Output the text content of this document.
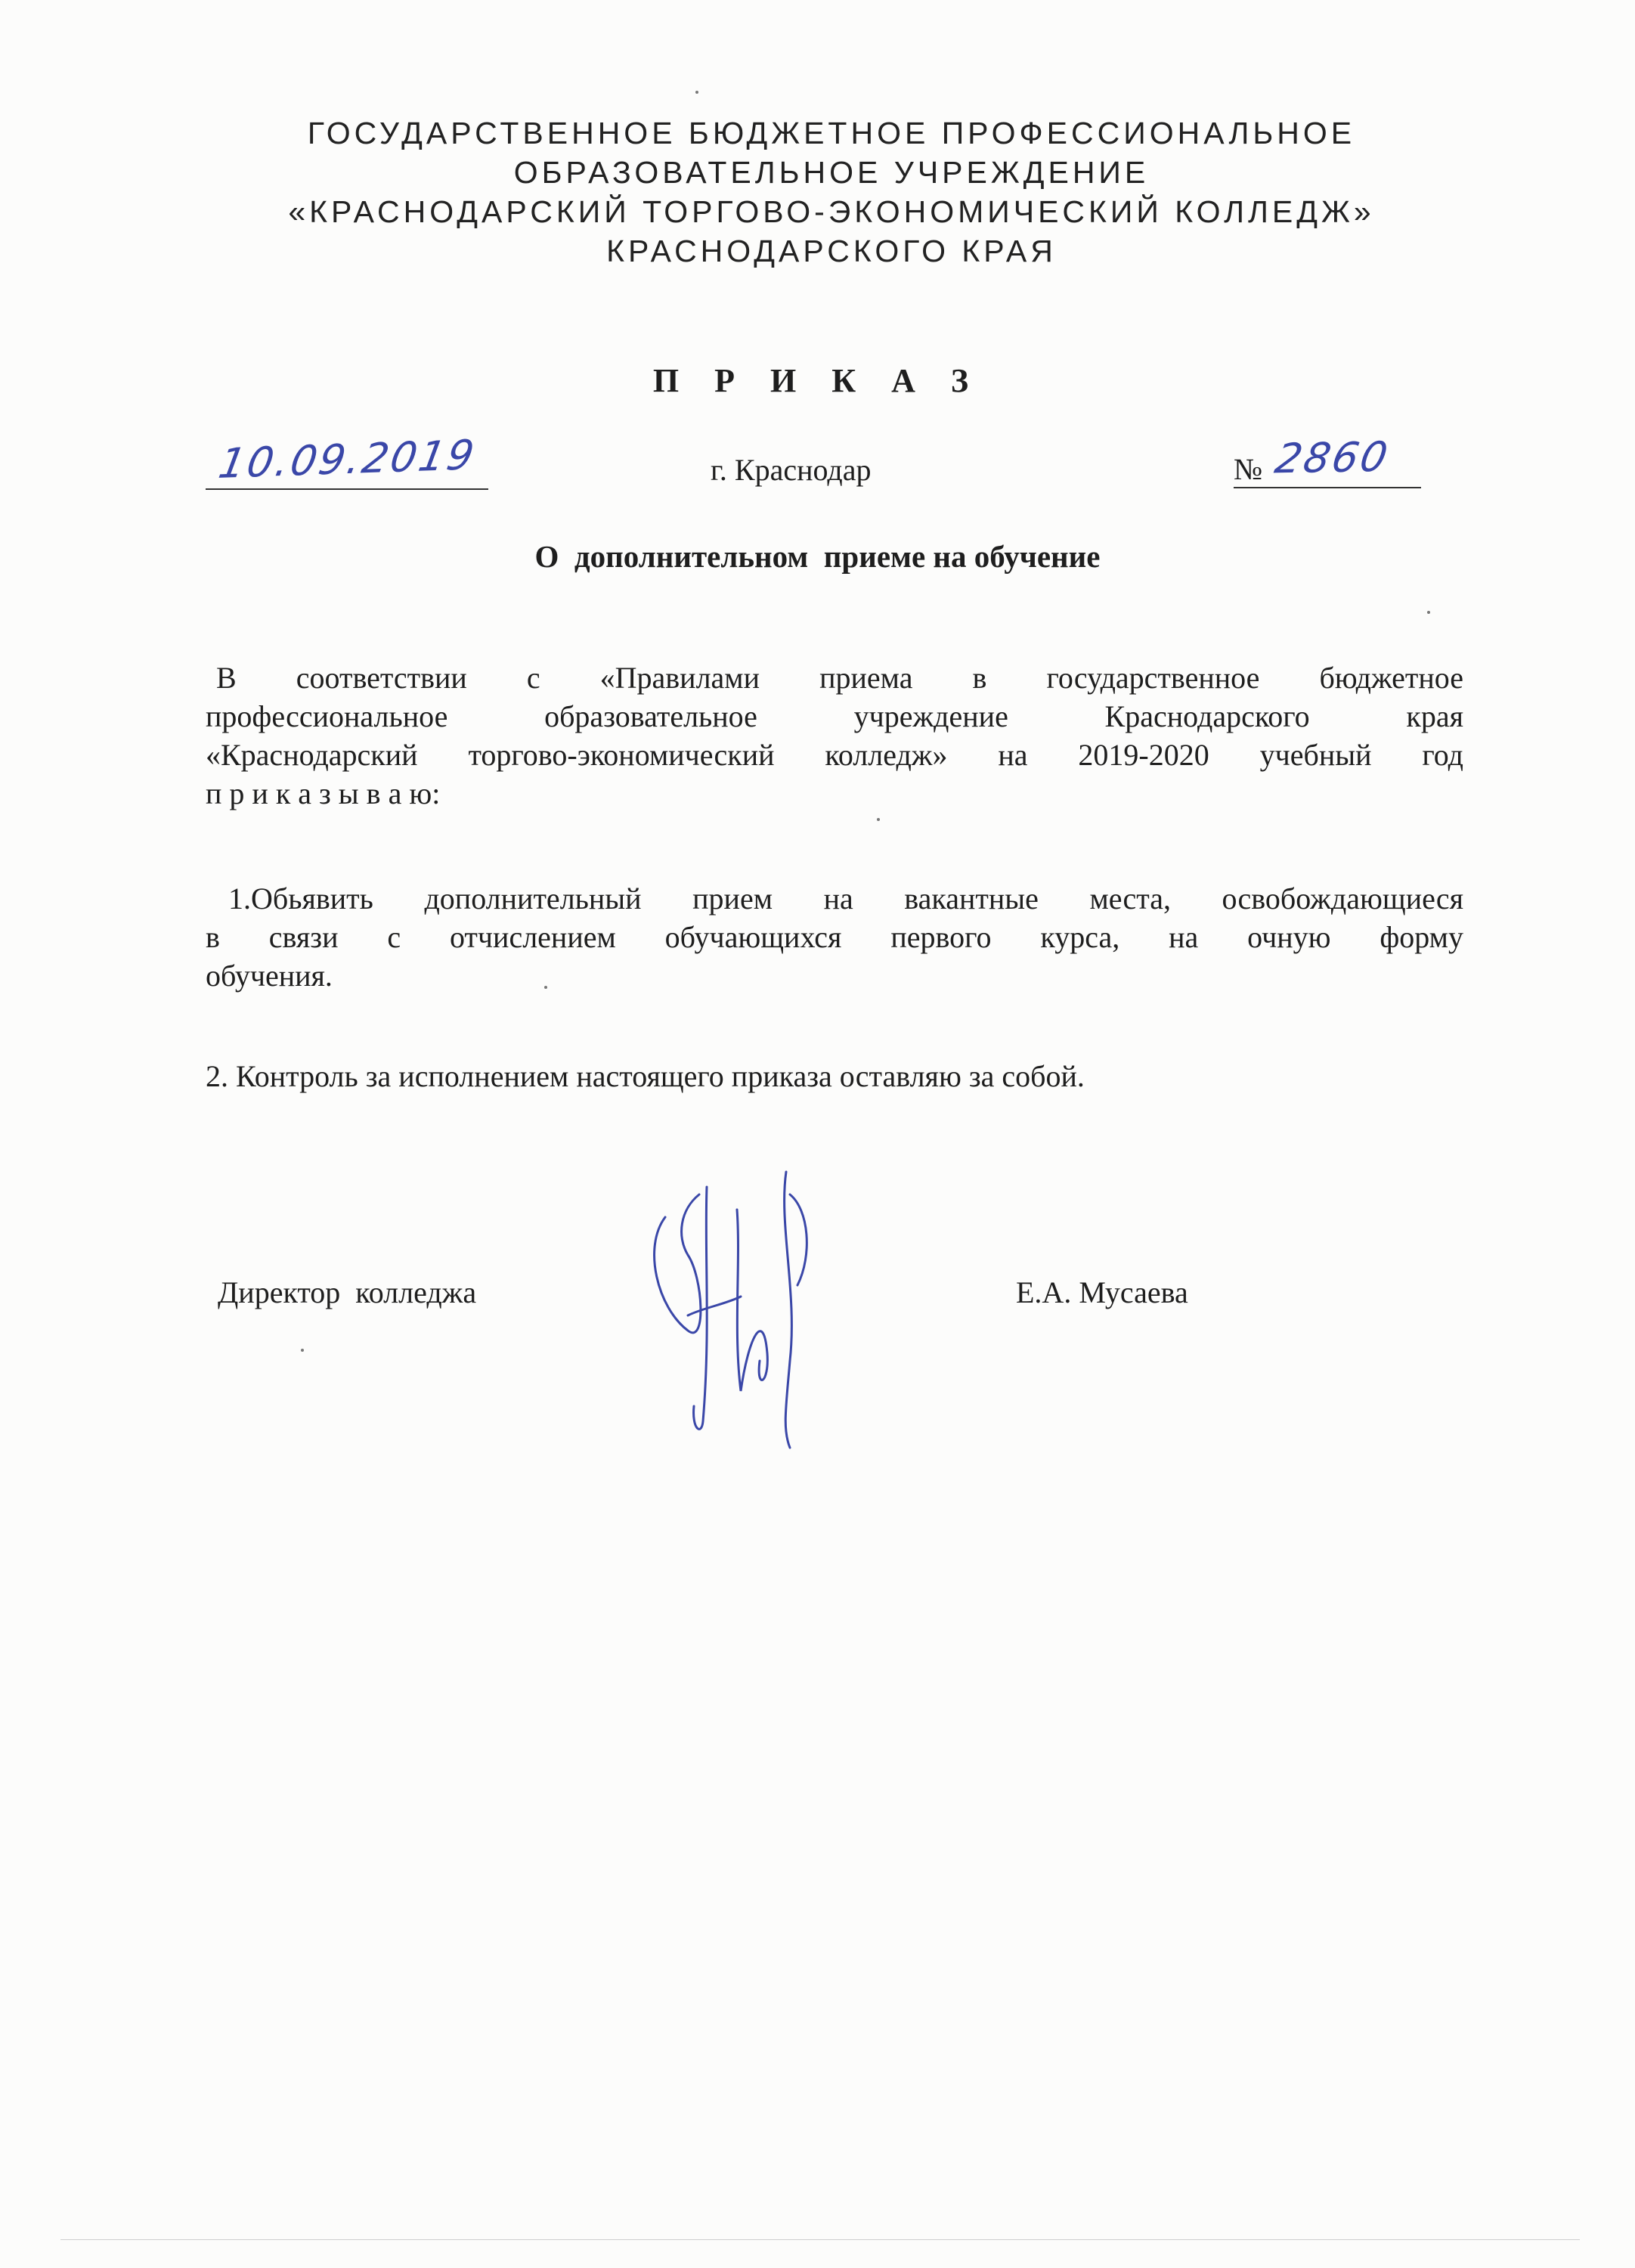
ГОСУДАРСТВЕННОЕ БЮДЖЕТНОЕ ПРОФЕССИОНАЛЬНОЕ
ОБРАЗОВАТЕЛЬНОЕ УЧРЕЖДЕНИЕ
«КРАСНОДАРСКИЙ ТОРГОВО-ЭКОНОМИЧЕСКИЙ КОЛЛЕДЖ»
КРАСНОДАРСКОГО КРАЯ
П Р И К А З
10.09.2019	г. Краснодар	№ 2860
О  дополнительном  приеме на обучение
В соответствии с «Правилами приема в государственное бюджетное
профессиональное образовательное учреждение Краснодарского края
«Краснодарский торгово-экономический колледж» на 2019-2020 учебный год
п р и к а з ы в а ю:
1.Обьявить дополнительный прием на вакантные места, освобождающиеся
в связи с отчислением обучающихся первого курса, на очную форму
обучения.
2. Контроль за исполнением настоящего приказа оставляю за собой.
Директор  колледжа	Е.А. Мусаева
